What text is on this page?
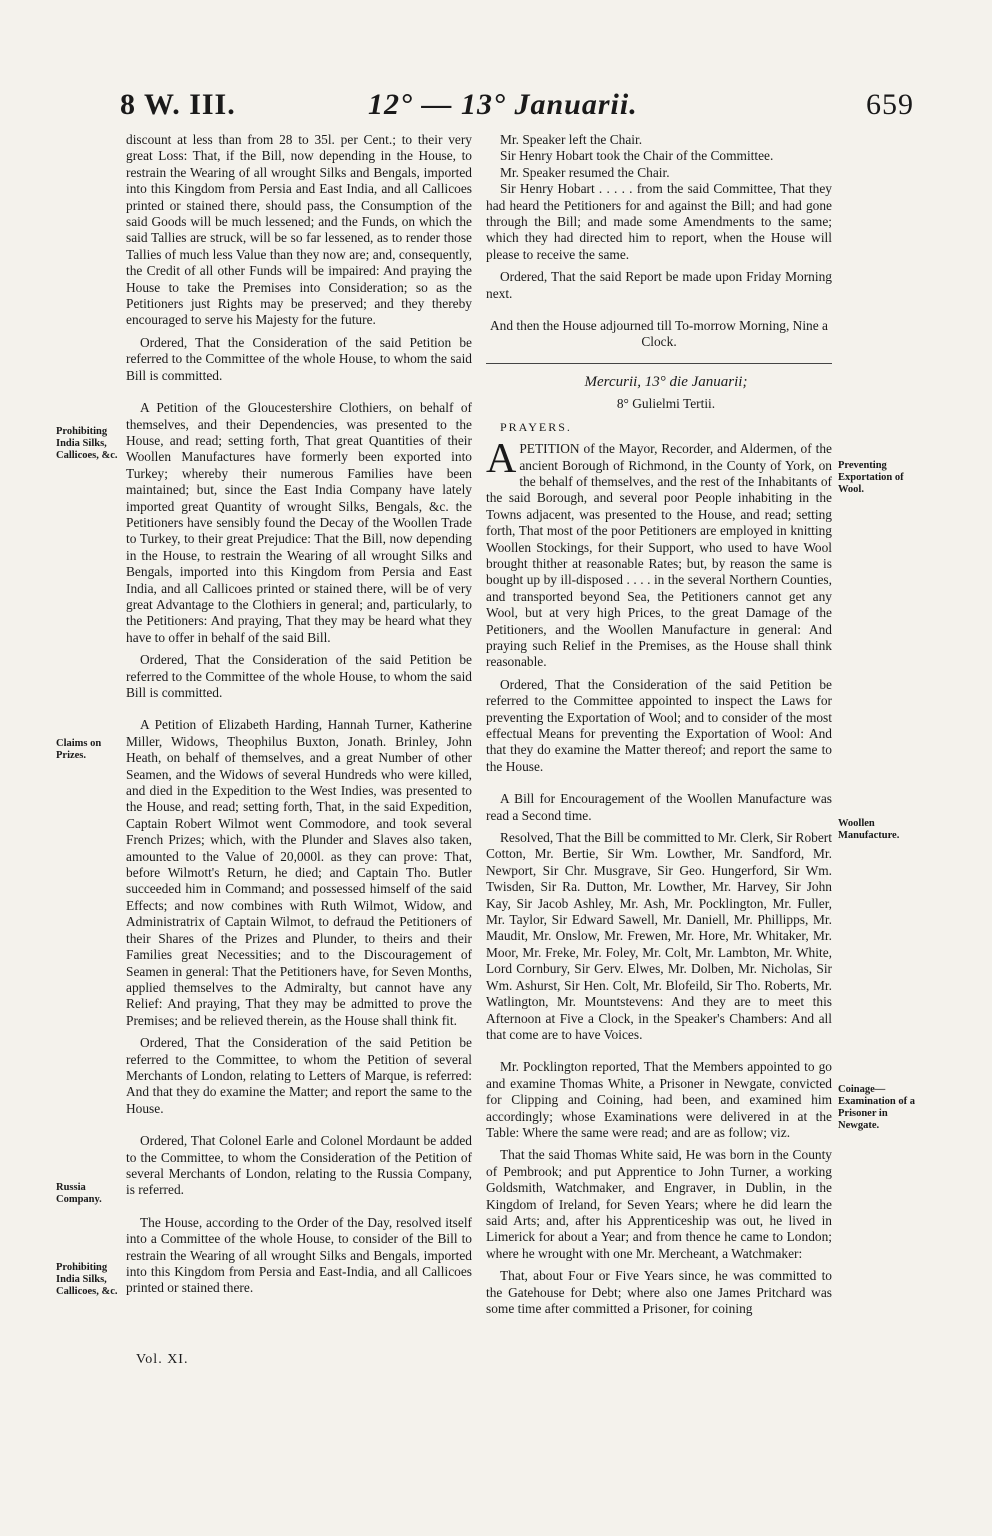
8 W. III.	12° — 13° Januarii.	659
Prohibiting India Silks, Callicoes, &c.
Claims on Prizes.
Russia Company.
Prohibiting India Silks, Callicoes, &c.
Preventing Exportation of Wool.
Woollen Manufacture.
Coinage— Examination of a Prisoner in Newgate.

discount at less than from 28 to 35l. per Cent.; to their very great Loss: That, if the Bill, now depending in the House, to restrain the Wearing of all wrought Silks and Bengals, imported into this Kingdom from Persia and East India, and all Callicoes printed or stained there, should pass, the Consumption of the said Goods will be much lessened; and the Funds, on which the said Tallies are struck, will be so far lessened, as to render those Tallies of much less Value than they now are; and, consequently, the Credit of all other Funds will be impaired: And praying the House to take the Premises into Consideration; so as the Petitioners just Rights may be preserved; and they thereby encouraged to serve his Majesty for the future.

Ordered, That the Consideration of the said Petition be referred to the Committee of the whole House, to whom the said Bill is committed.

A Petition of the Gloucestershire Clothiers, on behalf of themselves, and their Dependencies, was presented to the House, and read; setting forth, That great Quantities of their Woollen Manufactures have formerly been exported into Turkey; whereby their numerous Families have been maintained; but, since the East India Company have lately imported great Quantity of wrought Silks, Bengals, &c. the Petitioners have sensibly found the Decay of the Woollen Trade to Turkey, to their great Prejudice: That the Bill, now depending in the House, to restrain the Wearing of all wrought Silks and Bengals, imported into this Kingdom from Persia and East India, and all Callicoes printed or stained there, will be of very great Advantage to the Clothiers in general; and, particularly, to the Petitioners: And praying, That they may be heard what they have to offer in behalf of the said Bill.

Ordered, That the Consideration of the said Petition be referred to the Committee of the whole House, to whom the said Bill is committed.

A Petition of Elizabeth Harding, Hannah Turner, Katherine Miller, Widows, Theophilus Buxton, Jonath. Brinley, John Heath, on behalf of themselves, and a great Number of other Seamen, and the Widows of several Hundreds who were killed, and died in the Expedition to the West Indies, was presented to the House, and read; setting forth, That, in the said Expedition, Captain Robert Wilmot went Commodore, and took several French Prizes; which, with the Plunder and Slaves also taken, amounted to the Value of 20,000l. as they can prove: That, before Wilmott's Return, he died; and Captain Tho. Butler succeeded him in Command; and possessed himself of the said Effects; and now combines with Ruth Wilmot, Widow, and Administratrix of Captain Wilmot, to defraud the Petitioners of their Shares of the Prizes and Plunder, to theirs and their Families great Necessities; and to the Discouragement of Seamen in general: That the Petitioners have, for Seven Months, applied themselves to the Admiralty, but cannot have any Relief: And praying, That they may be admitted to prove the Premises; and be relieved therein, as the House shall think fit.

Ordered, That the Consideration of the said Petition be referred to the Committee, to whom the Petition of several Merchants of London, relating to Letters of Marque, is referred: And that they do examine the Matter; and report the same to the House.

Ordered, That Colonel Earle and Colonel Mordaunt be added to the Committee, to whom the Consideration of the Petition of several Merchants of London, relating to the Russia Company, is referred.

The House, according to the Order of the Day, resolved itself into a Committee of the whole House, to consider of the Bill to restrain the Wearing of all wrought Silks and Bengals, imported into this Kingdom from Persia and East-India, and all Callicoes printed or stained there.

Mr. Speaker left the Chair.

Sir Henry Hobart took the Chair of the Committee.

Mr. Speaker resumed the Chair.

Sir Henry Hobart . . . . . from the said Committee, That they had heard the Petitioners for and against the Bill; and had gone through the Bill; and made some Amendments to the same; which they had directed him to report, when the House will please to receive the same.

Ordered, That the said Report be made upon Friday Morning next.

And then the House adjourned till To-morrow Morning, Nine a Clock.

Mercurii, 13° die Januarii;

8° Gulielmi Tertii.

PRAYERS.

APETITION of the Mayor, Recorder, and Aldermen, of the ancient Borough of Richmond, in the County of York, on the behalf of themselves, and the rest of the Inhabitants of the said Borough, and several poor People inhabiting in the Towns adjacent, was presented to the House, and read; setting forth, That most of the poor Petitioners are employed in knitting Woollen Stockings, for their Support, who used to have Wool brought thither at reasonable Rates; but, by reason the same is bought up by ill-disposed . . . . in the several Northern Counties, and transported beyond Sea, the Petitioners cannot get any Wool, but at very high Prices, to the great Damage of the Petitioners, and the Woollen Manufacture in general: And praying such Relief in the Premises, as the House shall think reasonable.

Ordered, That the Consideration of the said Petition be referred to the Committee appointed to inspect the Laws for preventing the Exportation of Wool; and to consider of the most effectual Means for preventing the Exportation of Wool: And that they do examine the Matter thereof; and report the same to the House.

A Bill for Encouragement of the Woollen Manufacture was read a Second time.

Resolved, That the Bill be committed to Mr. Clerk, Sir Robert Cotton, Mr. Bertie, Sir Wm. Lowther, Mr. Sandford, Mr. Newport, Sir Chr. Musgrave, Sir Geo. Hungerford, Sir Wm. Twisden, Sir Ra. Dutton, Mr. Lowther, Mr. Harvey, Sir John Kay, Sir Jacob Ashley, Mr. Ash, Mr. Pocklington, Mr. Fuller, Mr. Taylor, Sir Edward Sawell, Mr. Daniell, Mr. Phillipps, Mr. Maudit, Mr. Onslow, Mr. Frewen, Mr. Hore, Mr. Whitaker, Mr. Moor, Mr. Freke, Mr. Foley, Mr. Colt, Mr. Lambton, Mr. White, Lord Cornbury, Sir Gerv. Elwes, Mr. Dolben, Mr. Nicholas, Sir Wm. Ashurst, Sir Hen. Colt, Mr. Blofeild, Sir Tho. Roberts, Mr. Watlington, Mr. Mountstevens: And they are to meet this Afternoon at Five a Clock, in the Speaker's Chambers: And all that come are to have Voices.

Mr. Pocklington reported, That the Members appointed to go and examine Thomas White, a Prisoner in Newgate, convicted for Clipping and Coining, had been, and examined him accordingly; whose Examinations were delivered in at the Table: Where the same were read; and are as follow; viz.

That the said Thomas White said, He was born in the County of Pembrook; and put Apprentice to John Turner, a working Goldsmith, Watchmaker, and Engraver, in Dublin, in the Kingdom of Ireland, for Seven Years; where he did learn the said Arts; and, after his Apprenticeship was out, he lived in Limerick for about a Year; and from thence he came to London; where he wrought with one Mr. Mercheant, a Watchmaker:

That, about Four or Five Years since, he was committed to the Gatehouse for Debt; where also one James Pritchard was some time after committed a Prisoner, for coining

Vol. XI.
